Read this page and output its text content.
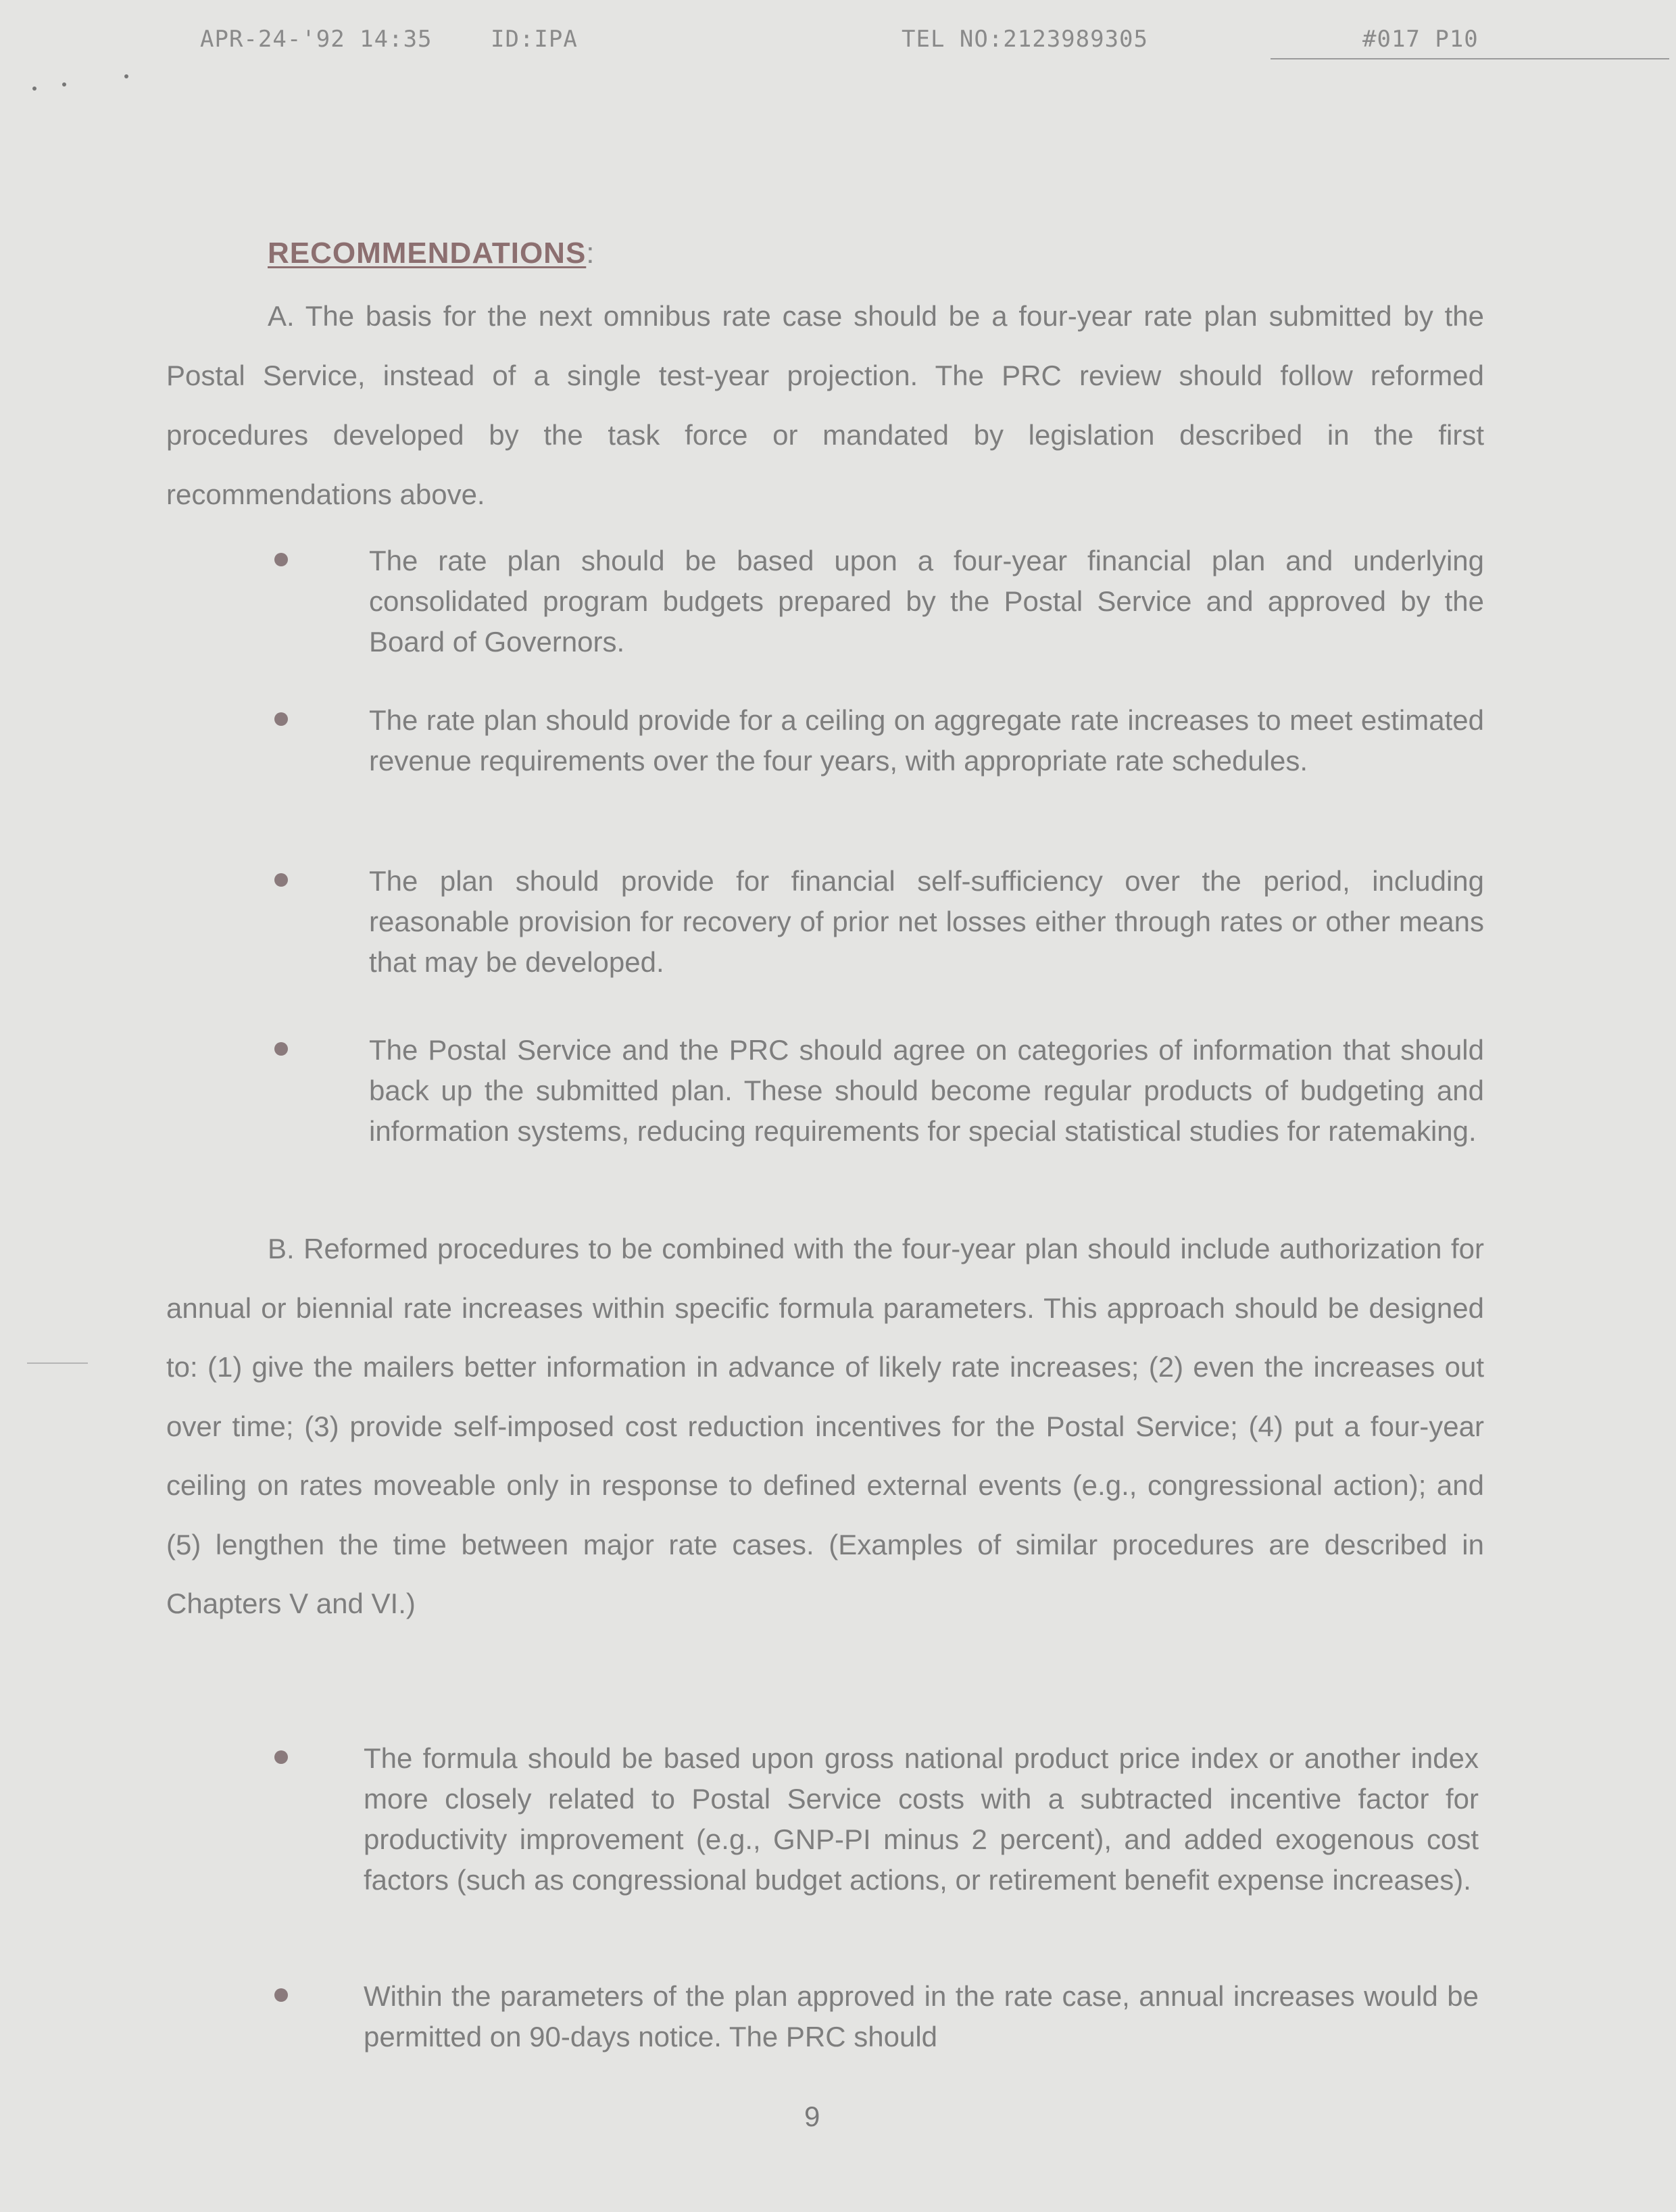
APR-24-'92 14:35	ID:IPA	TEL NO:2123989305	#017 P10
RECOMMENDATIONS:

A. The basis for the next omnibus rate case should be a four-year rate plan submitted by the Postal Service, instead of a single test-year projection. The PRC review should follow reformed procedures developed by the task force or mandated by legislation described in the first recommendations above.

The rate plan should be based upon a four-year financial plan and underlying consolidated program budgets prepared by the Postal Service and approved by the Board of Governors.

The rate plan should provide for a ceiling on aggregate rate increases to meet estimated revenue requirements over the four years, with appropriate rate schedules.

The plan should provide for financial self-sufficiency over the period, including reasonable provision for recovery of prior net losses either through rates or other means that may be developed.

The Postal Service and the PRC should agree on categories of information that should back up the submitted plan. These should become regular products of budgeting and information systems, reducing requirements for special statistical studies for ratemaking.

B. Reformed procedures to be combined with the four-year plan should include authorization for annual or biennial rate increases within specific formula parameters. This approach should be designed to: (1) give the mailers better information in advance of likely rate increases; (2) even the increases out over time; (3) provide self-imposed cost reduction incentives for the Postal Service; (4) put a four-year ceiling on rates moveable only in response to defined external events (e.g., congressional action); and (5) lengthen the time between major rate cases. (Examples of similar procedures are described in Chapters V and VI.)

The formula should be based upon gross national product price index or another index more closely related to Postal Service costs with a subtracted incentive factor for productivity improvement (e.g., GNP-PI minus 2 percent), and added exogenous cost factors (such as congressional budget actions, or retirement benefit expense increases).

Within the parameters of the plan approved in the rate case, annual increases would be permitted on 90-days notice. The PRC should

9
